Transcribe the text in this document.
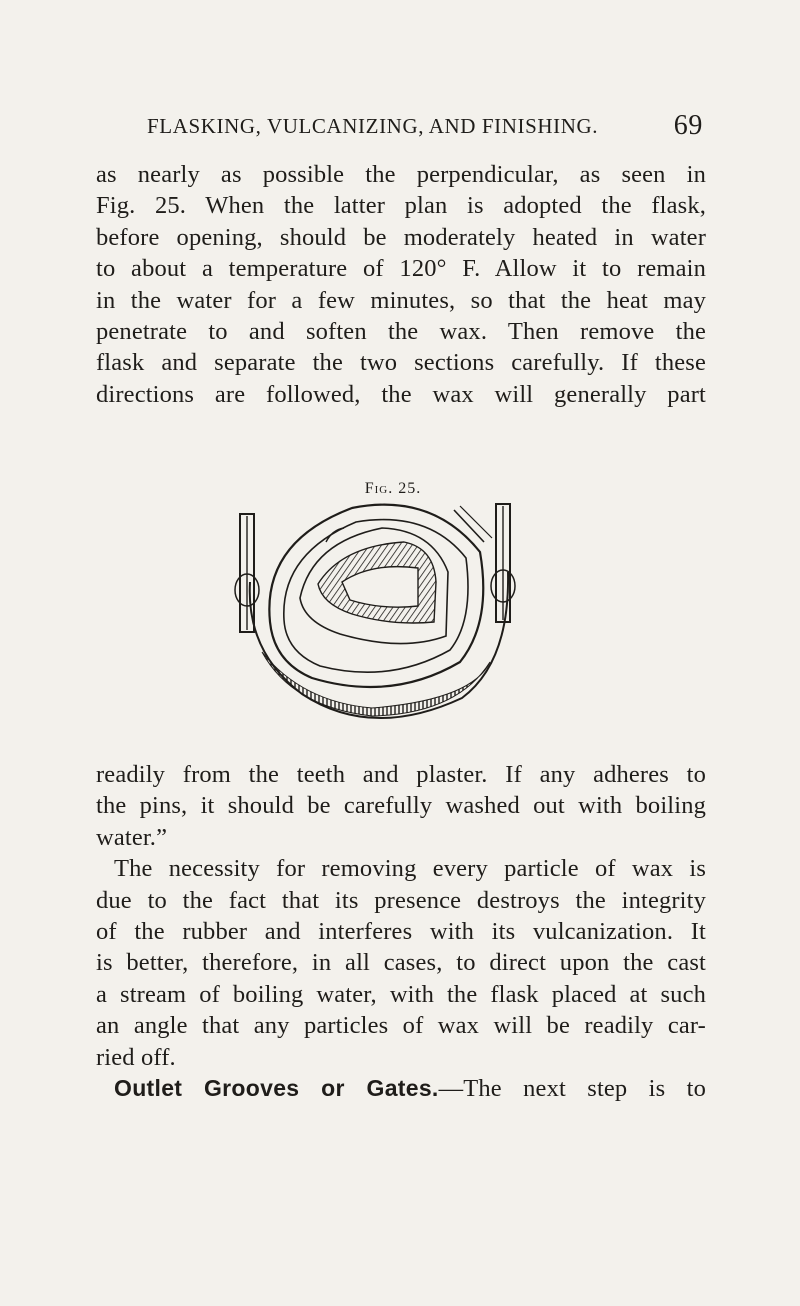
FLASKING, VULCANIZING, AND FINISHING.	69
as nearly as possible the perpendicular, as seen in
Fig. 25. When the latter plan is adopted the flask,
before opening, should be moderately heated in water
to about a temperature of 120° F. Allow it to remain
in the water for a few minutes, so that the heat may
penetrate to and soften the wax. Then remove the
flask and separate the two sections carefully. If these
directions are followed, the wax will generally part
Fig. 25.
readily from the teeth and plaster. If any adheres to
the pins, it should be carefully washed out with boiling
water.”
The necessity for removing every particle of wax is
due to the fact that its presence destroys the integrity
of the rubber and interferes with its vulcanization. It
is better, therefore, in all cases, to direct upon the cast
a stream of boiling water, with the flask placed at such
an angle that any particles of wax will be readily car-
ried off.
Outlet Grooves or Gates.—The next step is to
